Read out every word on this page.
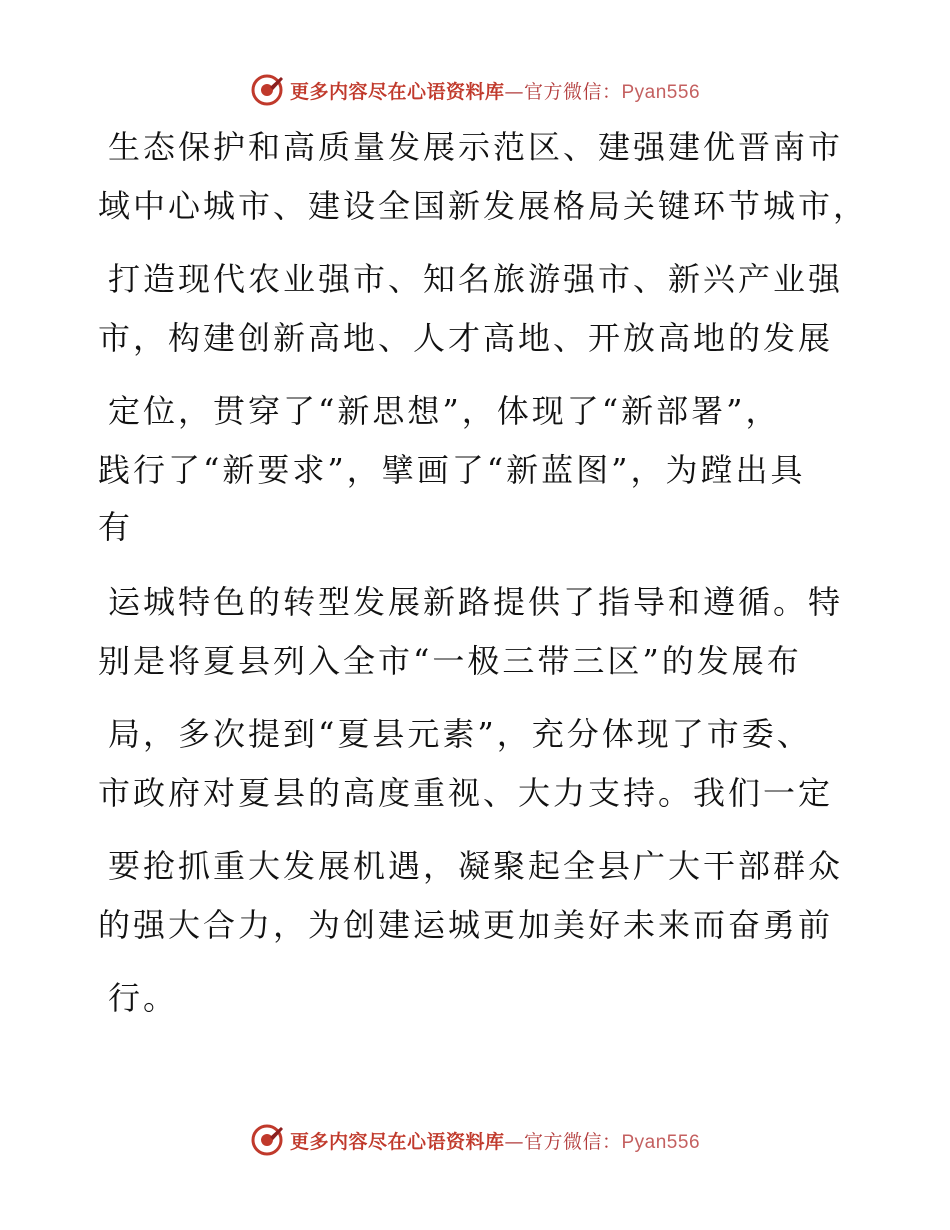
更多内容尽在心语资料库—官方微信：Pyan556
生态保护和高质量发展示范区、建强建优晋南市
域中心城市、建设全国新发展格局关键环节城市，
打造现代农业强市、知名旅游强市、新兴产业强
市，构建创新高地、人才高地、开放高地的发展
定位，贯穿了“新思想”，体现了“新部署”，
践行了“新要求”，擘画了“新蓝图”，为蹚出具
有
运城特色的转型发展新路提供了指导和遵循。特
别是将夏县列入全市“一极三带三区”的发展布
局，多次提到“夏县元素”，充分体现了市委、
市政府对夏县的高度重视、大力支持。我们一定
要抢抓重大发展机遇，凝聚起全县广大干部群众
的强大合力，为创建运城更加美好未来而奋勇前
行。
更多内容尽在心语资料库—官方微信：Pyan556
